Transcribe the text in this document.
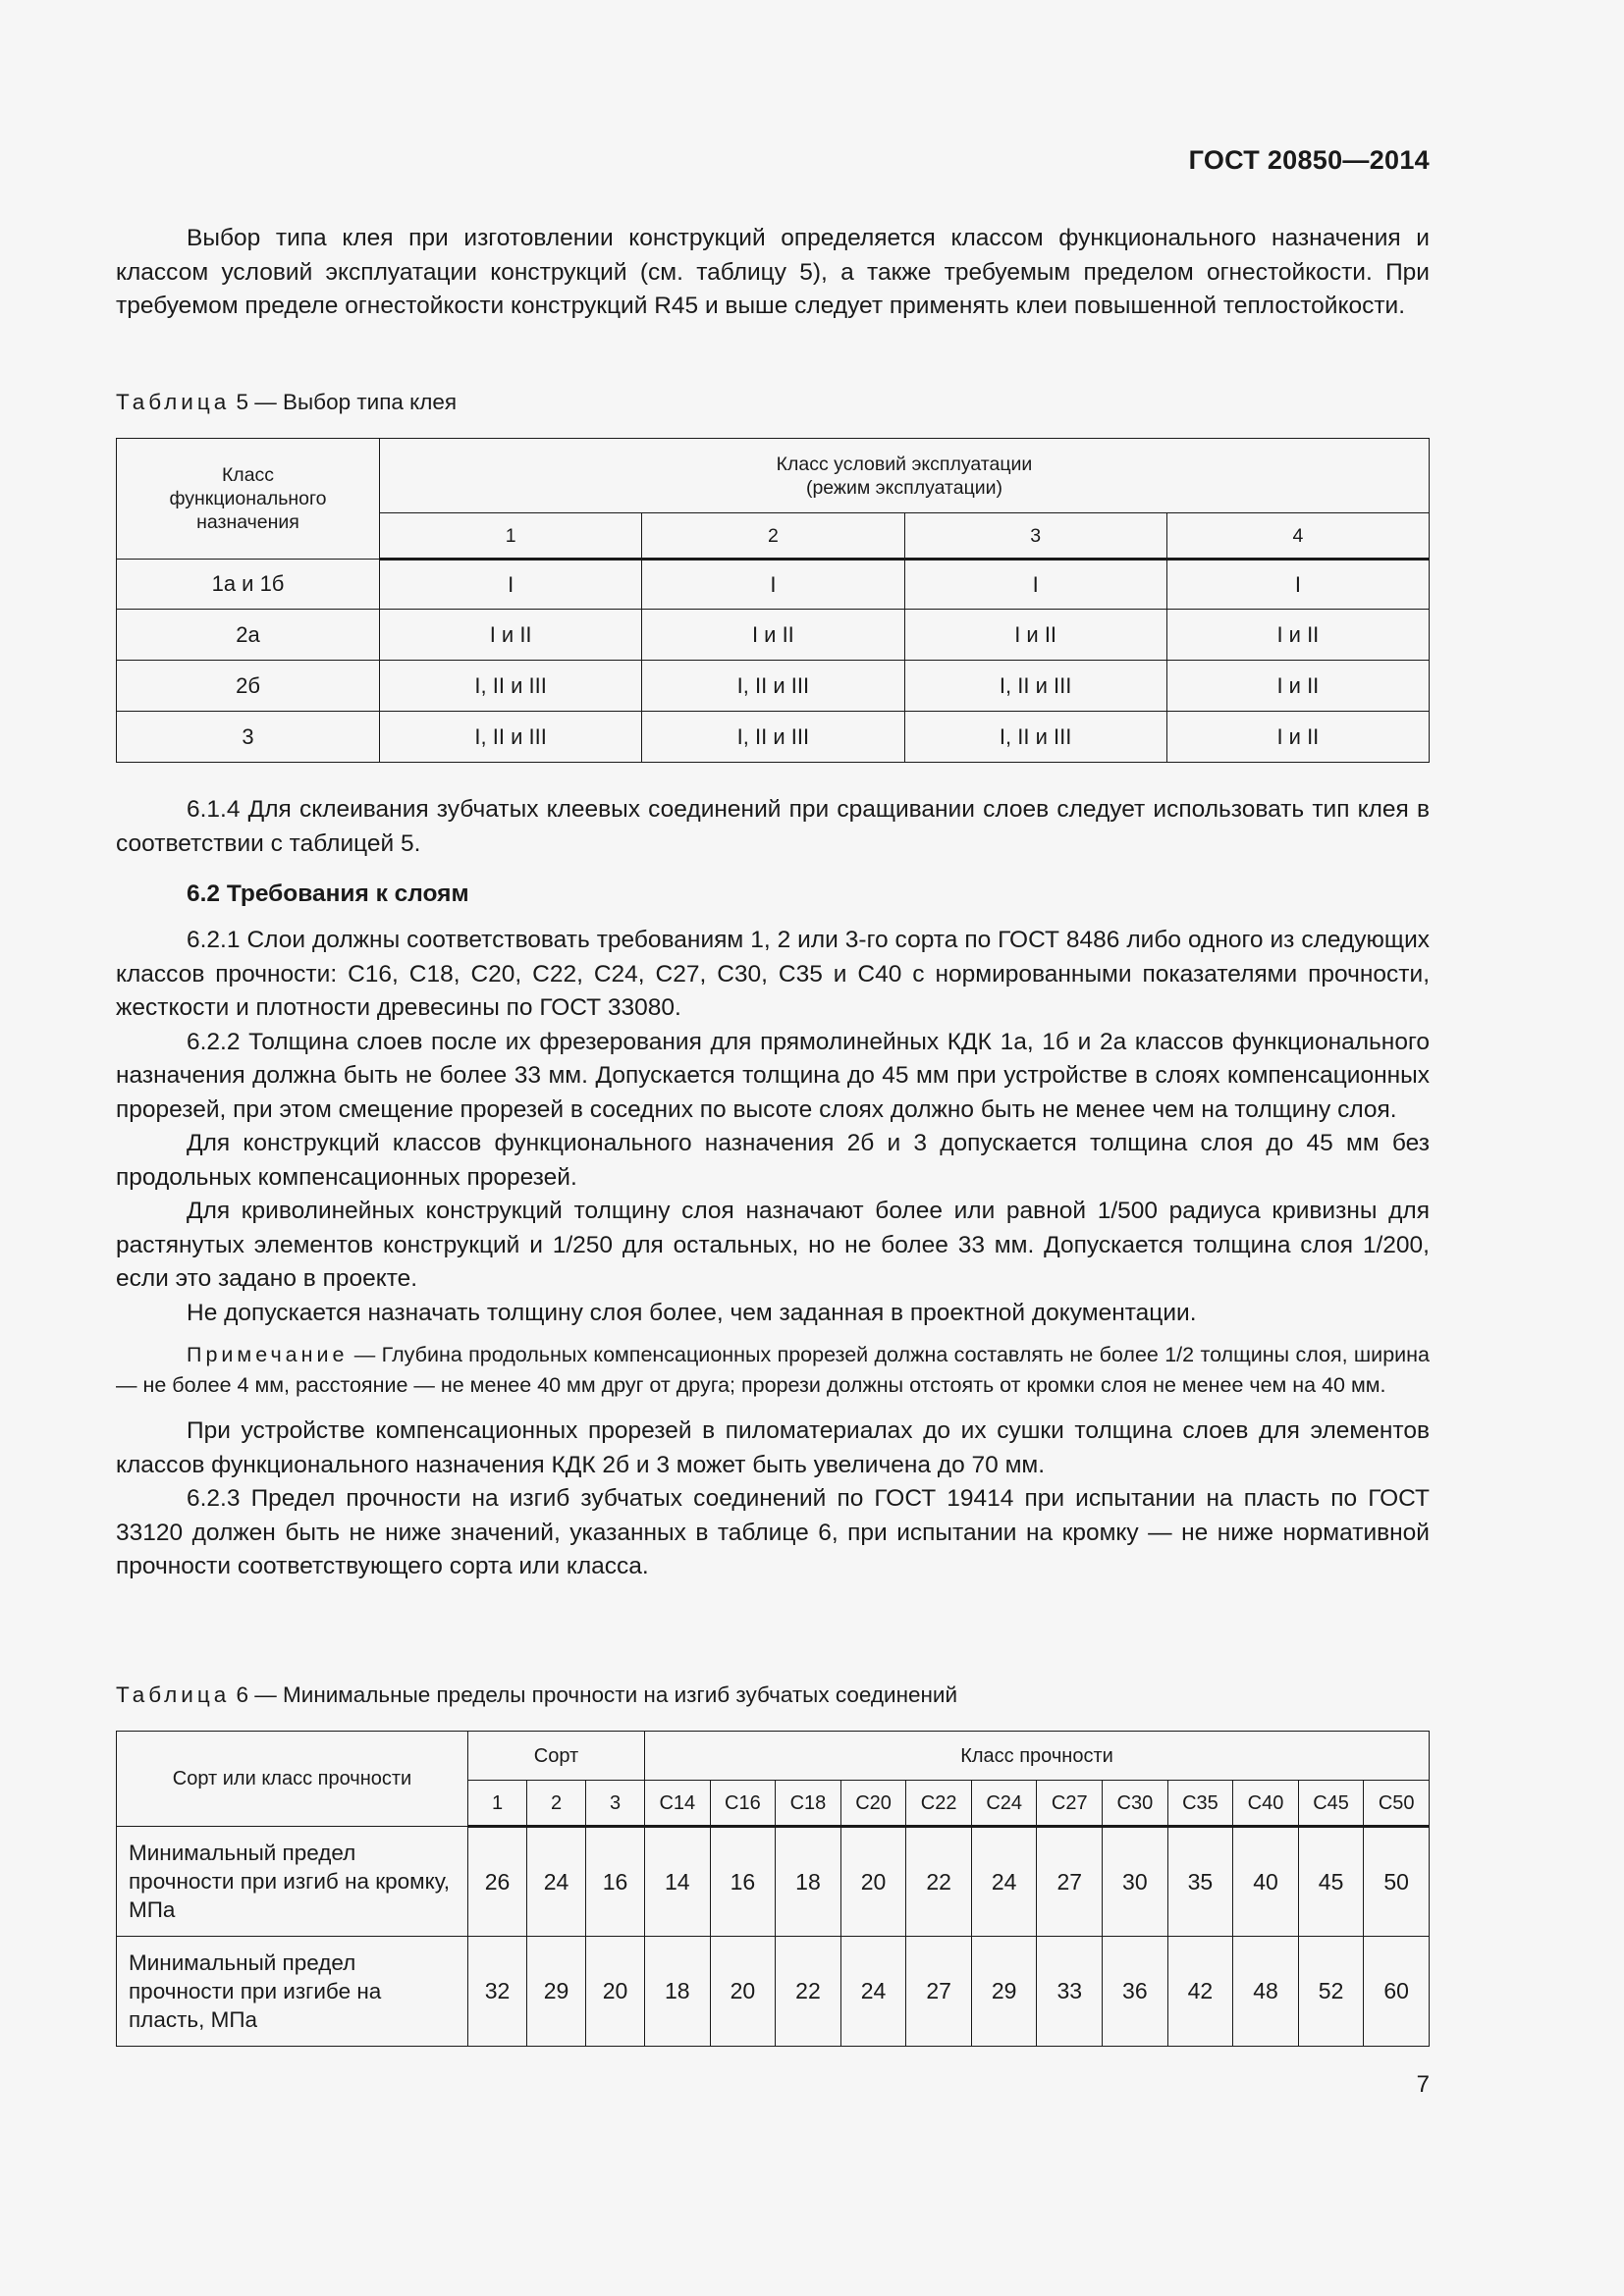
ГОСТ 20850—2014

Выбор типа клея при изготовлении конструкций определяется классом функционального назначения и классом условий эксплуатации конструкций (см. таблицу 5), а также требуемым пределом огнестойкости. При требуемом пределе огнестойкости конструкций R45 и выше следует применять клеи повышенной теплостойкости.

Таблица 5 — Выбор типа клея
Класс функционального назначения	Класс условий эксплуатации (режим эксплуатации)			
	1	2	3	4
1а и 1б	I	I	I	I
2а	I и II	I и II	I и II	I и II
2б	I, II и III	I, II и III	I, II и III	I и II
3	I, II и III	I, II и III	I, II и III	I и II

6.1.4 Для склеивания зубчатых клеевых соединений при сращивании слоев следует использовать тип клея в соответствии с таблицей 5.

6.2 Требования к слоям

6.2.1 Слои должны соответствовать требованиям 1, 2 или 3-го сорта по ГОСТ 8486 либо одного из следующих классов прочности: С16, С18, С20, С22, С24, С27, С30, С35 и С40 с нормированными показателями прочности, жесткости и плотности древесины по ГОСТ 33080.

6.2.2 Толщина слоев после их фрезерования для прямолинейных КДК 1а, 1б и 2а классов функционального назначения должна быть не более 33 мм. Допускается толщина до 45 мм при устройстве в слоях компенсационных прорезей, при этом смещение прорезей в соседних по высоте слоях должно быть не менее чем на толщину слоя.

Для конструкций классов функционального назначения 2б и 3 допускается толщина слоя до 45 мм без продольных компенсационных прорезей.

Для криволинейных конструкций толщину слоя назначают более или равной 1/500 радиуса кривизны для растянутых элементов конструкций и 1/250 для остальных, но не более 33 мм. Допускается толщина слоя 1/200, если это задано в проекте.

Не допускается назначать толщину слоя более, чем заданная в проектной документации.

Примечание — Глубина продольных компенсационных прорезей должна составлять не более 1/2 толщины слоя, ширина — не более 4 мм, расстояние — не менее 40 мм друг от друга; прорези должны отстоять от кромки слоя не менее чем на 40 мм.

При устройстве компенсационных прорезей в пиломатериалах до их сушки толщина слоев для элементов классов функционального назначения КДК 2б и 3 может быть увеличена до 70 мм.

6.2.3 Предел прочности на изгиб зубчатых соединений по ГОСТ 19414 при испытании на пласть по ГОСТ 33120 должен быть не ниже значений, указанных в таблице 6, при испытании на кромку — не ниже нормативной прочности соответствующего сорта или класса.

Таблица 6 — Минимальные пределы прочности на изгиб зубчатых соединений
Сорт или класс прочности	Сорт			Класс прочности											
	1	2	3	С14	С16	С18	С20	С22	С24	С27	С30	С35	С40	С45	С50
Минимальный предел прочности при изгиб на кромку, МПа	26	24	16	14	16	18	20	22	24	27	30	35	40	45	50
Минимальный предел прочности при изгибе на пласть, МПа	32	29	20	18	20	22	24	27	29	33	36	42	48	52	60
7
